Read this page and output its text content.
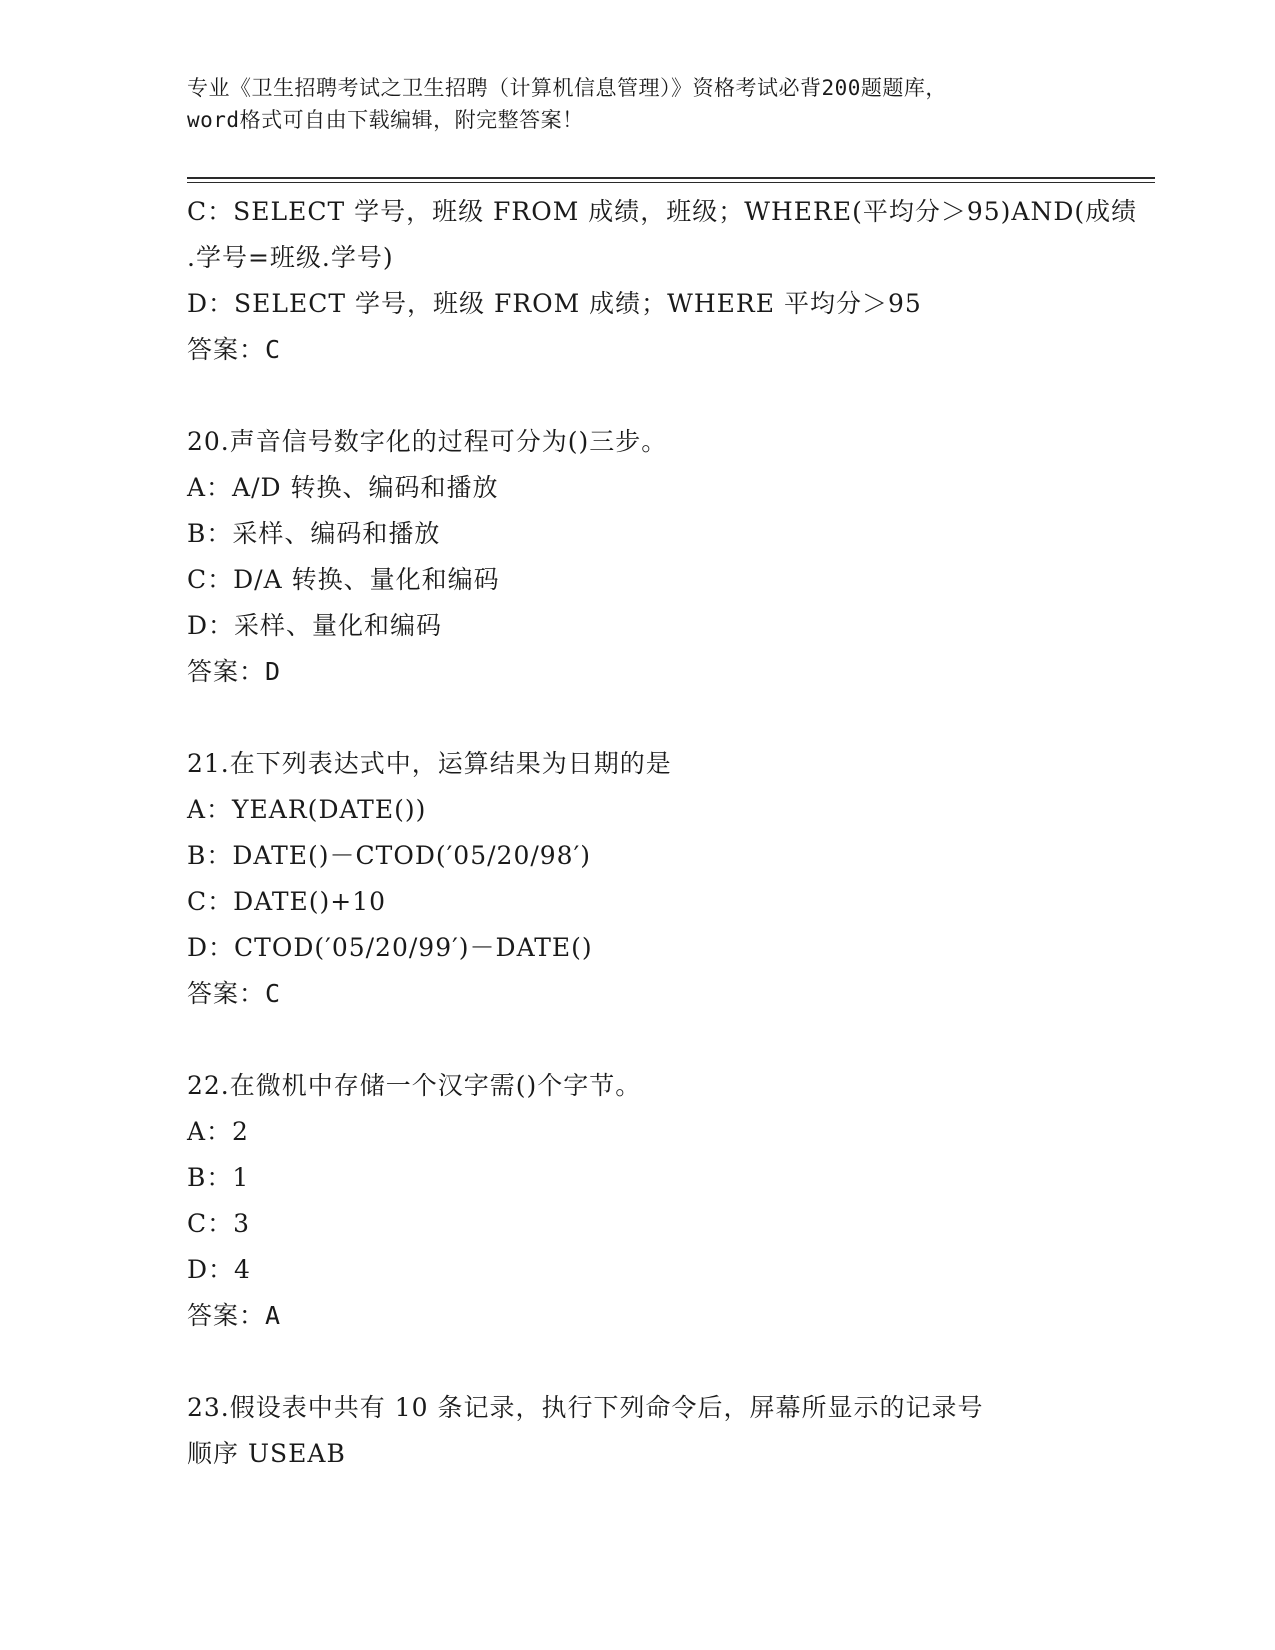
专业《卫生招聘考试之卫生招聘（计算机信息管理）》资格考试必背200题题库，
word格式可自由下载编辑，附完整答案！
C：SELECT 学号，班级 FROM 成绩，班级；WHERE(平均分＞95)AND(成绩
.学号=班级.学号)
D：SELECT 学号，班级 FROM 成绩；WHERE 平均分＞95
答案：C
20.声音信号数字化的过程可分为()三步。
A：A/D 转换、编码和播放
B：采样、编码和播放
C：D/A 转换、量化和编码
D：采样、量化和编码
答案：D
21.在下列表达式中，运算结果为日期的是
A：YEAR(DATE())
B：DATE()－CTOD(′05/20/98′)
C：DATE()+10
D：CTOD(′05/20/99′)－DATE()
答案：C
22.在微机中存储一个汉字需()个字节。
A：2
B：1
C：3
D：4
答案：A
23.假设表中共有 10 条记录，执行下列命令后，屏幕所显示的记录号
顺序 USEAB
